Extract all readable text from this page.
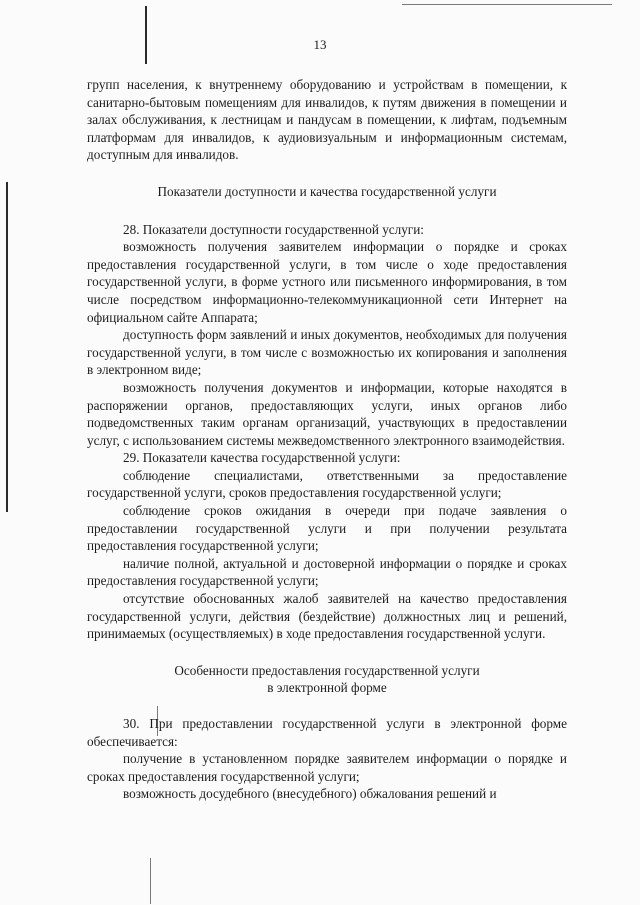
13

групп населения, к внутреннему оборудованию и устройствам в помещении, к санитарно-бытовым помещениям для инвалидов, к путям движения в помещении и залах обслуживания, к лестницам и пандусам в помещении, к лифтам, подъемным платформам для инвалидов, к аудиовизуальным и информационным системам, доступным для инвалидов.

Показатели доступности и качества государственной услуги

28. Показатели доступности государственной услуги:

возможность получения заявителем информации о порядке и сроках предоставления государственной услуги, в том числе о ходе предоставления государственной услуги, в форме устного или письменного информирования, в том числе посредством информационно-телекоммуникационной сети Интернет на официальном сайте Аппарата;

доступность форм заявлений и иных документов, необходимых для получения государственной услуги, в том числе с возможностью их копирования и заполнения в электронном виде;

возможность получения документов и информации, которые находятся в распоряжении органов, предоставляющих услуги, иных органов либо подведомственных таким органам организаций, участвующих в предоставлении услуг, с использованием системы межведомственного электронного взаимодействия.

29. Показатели качества государственной услуги:

соблюдение специалистами, ответственными за предоставление государственной услуги, сроков предоставления государственной услуги;

соблюдение сроков ожидания в очереди при подаче заявления о предоставлении государственной услуги и при получении результата предоставления государственной услуги;

наличие полной, актуальной и достоверной информации о порядке и сроках предоставления государственной услуги;

отсутствие обоснованных жалоб заявителей на качество предоставления государственной услуги, действия (бездействие) должностных лиц и решений, принимаемых (осуществляемых) в ходе предоставления государственной услуги.

Особенности предоставления государственной услуги
в электронной форме

30. При предоставлении государственной услуги в электронной форме обеспечивается:

получение в установленном порядке заявителем информации о порядке и сроках предоставления государственной услуги;

возможность досудебного (внесудебного) обжалования решений и
